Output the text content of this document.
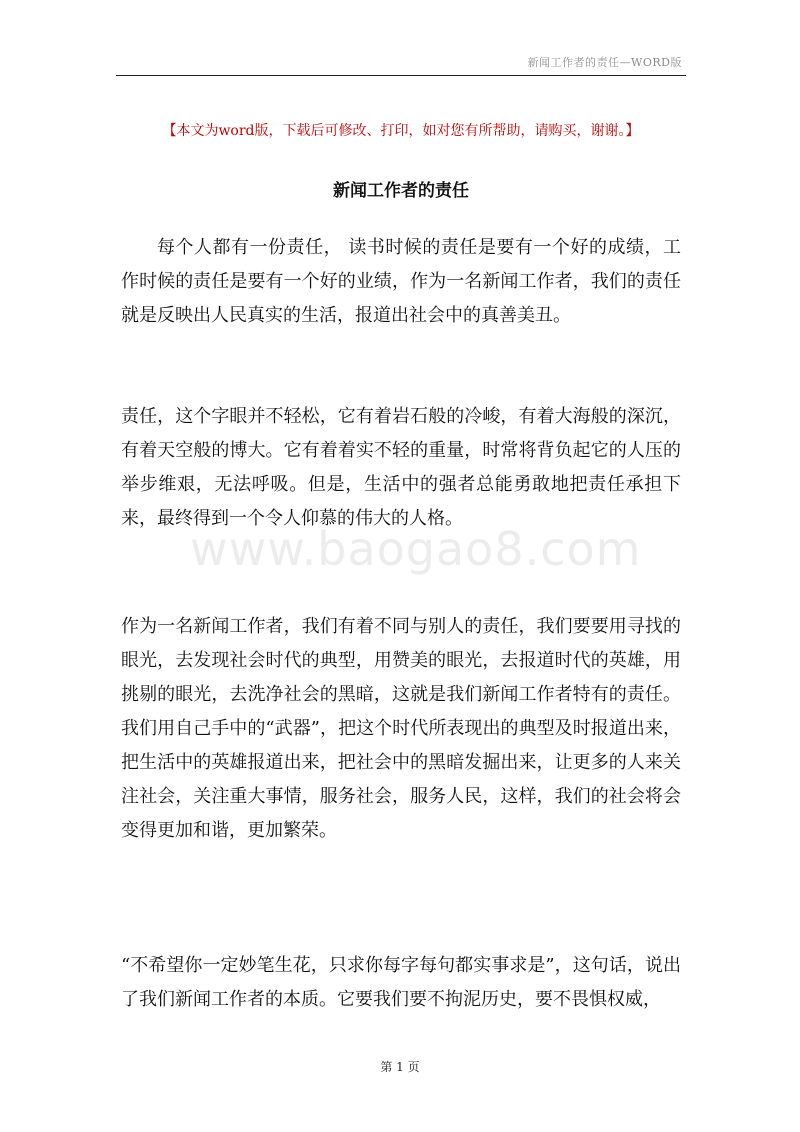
新闻工作者的责任—WORD版
【本文为word版，下载后可修改、打印，如对您有所帮助，请购买，谢谢。】
新闻工作者的责任

每个人都有一份责任， 读书时候的责任是要有一个好的成绩，工作时候的责任是要有一个好的业绩，作为一名新闻工作者，我们的责任就是反映出人民真实的生活，报道出社会中的真善美丑。

责任，这个字眼并不轻松，它有着岩石般的冷峻，有着大海般的深沉，有着天空般的博大。它有着着实不轻的重量，时常将背负起它的人压的举步维艰，无法呼吸。但是，生活中的强者总能勇敢地把责任承担下来，最终得到一个令人仰慕的伟大的人格。

作为一名新闻工作者，我们有着不同与别人的责任，我们要要用寻找的眼光，去发现社会时代的典型，用赞美的眼光，去报道时代的英雄，用挑剔的眼光，去洗净社会的黑暗，这就是我们新闻工作者特有的责任。我们用自己手中的“武器”，把这个时代所表现出的典型及时报道出来，把生活中的英雄报道出来，把社会中的黑暗发掘出来，让更多的人来关注社会，关注重大事情，服务社会，服务人民，这样，我们的社会将会变得更加和谐，更加繁荣。

“不希望你一定妙笔生花，只求你每字每句都实事求是”，这句话，说出了我们新闻工作者的本质。它要我们要不拘泥历史，要不畏惧权威，

www.baogao8.com
第 1 页
